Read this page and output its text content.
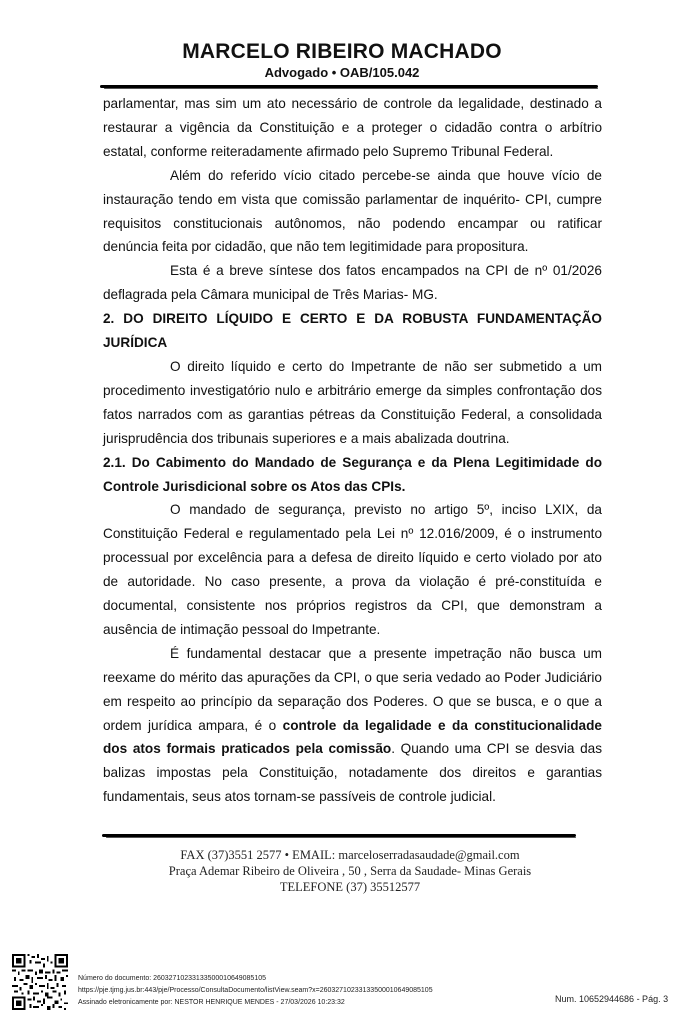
MARCELO RIBEIRO MACHADO
Advogado • OAB/105.042

parlamentar, mas sim um ato necessário de controle da legalidade, destinado a restaurar a vigência da Constituição e a proteger o cidadão contra o arbítrio estatal, conforme reiteradamente afirmado pelo Supremo Tribunal Federal.

Além do referido vício citado percebe-se ainda que houve vício de instauração tendo em vista que comissão parlamentar de inquérito- CPI, cumpre requisitos constitucionais autônomos, não podendo encampar ou ratificar denúncia feita por cidadão, que não tem legitimidade para propositura.

Esta é a breve síntese dos fatos encampados na CPI de nº 01/2026 deflagrada pela Câmara municipal de Três Marias- MG.

2. DO DIREITO LÍQUIDO E CERTO E DA ROBUSTA FUNDAMENTAÇÃO JURÍDICA

O direito líquido e certo do Impetrante de não ser submetido a um procedimento investigatório nulo e arbitrário emerge da simples confrontação dos fatos narrados com as garantias pétreas da Constituição Federal, a consolidada jurisprudência dos tribunais superiores e a mais abalizada doutrina.

2.1. Do Cabimento do Mandado de Segurança e da Plena Legitimidade do Controle Jurisdicional sobre os Atos das CPIs.

O mandado de segurança, previsto no artigo 5º, inciso LXIX, da Constituição Federal e regulamentado pela Lei nº 12.016/2009, é o instrumento processual por excelência para a defesa de direito líquido e certo violado por ato de autoridade. No caso presente, a prova da violação é pré-constituída e documental, consistente nos próprios registros da CPI, que demonstram a ausência de intimação pessoal do Impetrante.

É fundamental destacar que a presente impetração não busca um reexame do mérito das apurações da CPI, o que seria vedado ao Poder Judiciário em respeito ao princípio da separação dos Poderes. O que se busca, e o que a ordem jurídica ampara, é o controle da legalidade e da constitucionalidade dos atos formais praticados pela comissão. Quando uma CPI se desvia das balizas impostas pela Constituição, notadamente dos direitos e garantias fundamentais, seus atos tornam-se passíveis de controle judicial.

FAX (37)3551 2577 • EMAIL: marceloserradasaudade@gmail.com
Praça Ademar Ribeiro de Oliveira , 50 , Serra da Saudade- Minas Gerais
TELEFONE (37) 35512577
Número do documento: 26032710233133500010649085105
https://pje.tjmg.jus.br:443/pje/Processo/ConsultaDocumento/listView.seam?x=26032710233133500010649085105
Assinado eletronicamente por: NESTOR HENRIQUE MENDES - 27/03/2026 10:23:32	Num. 10652944686 - Pág. 3
